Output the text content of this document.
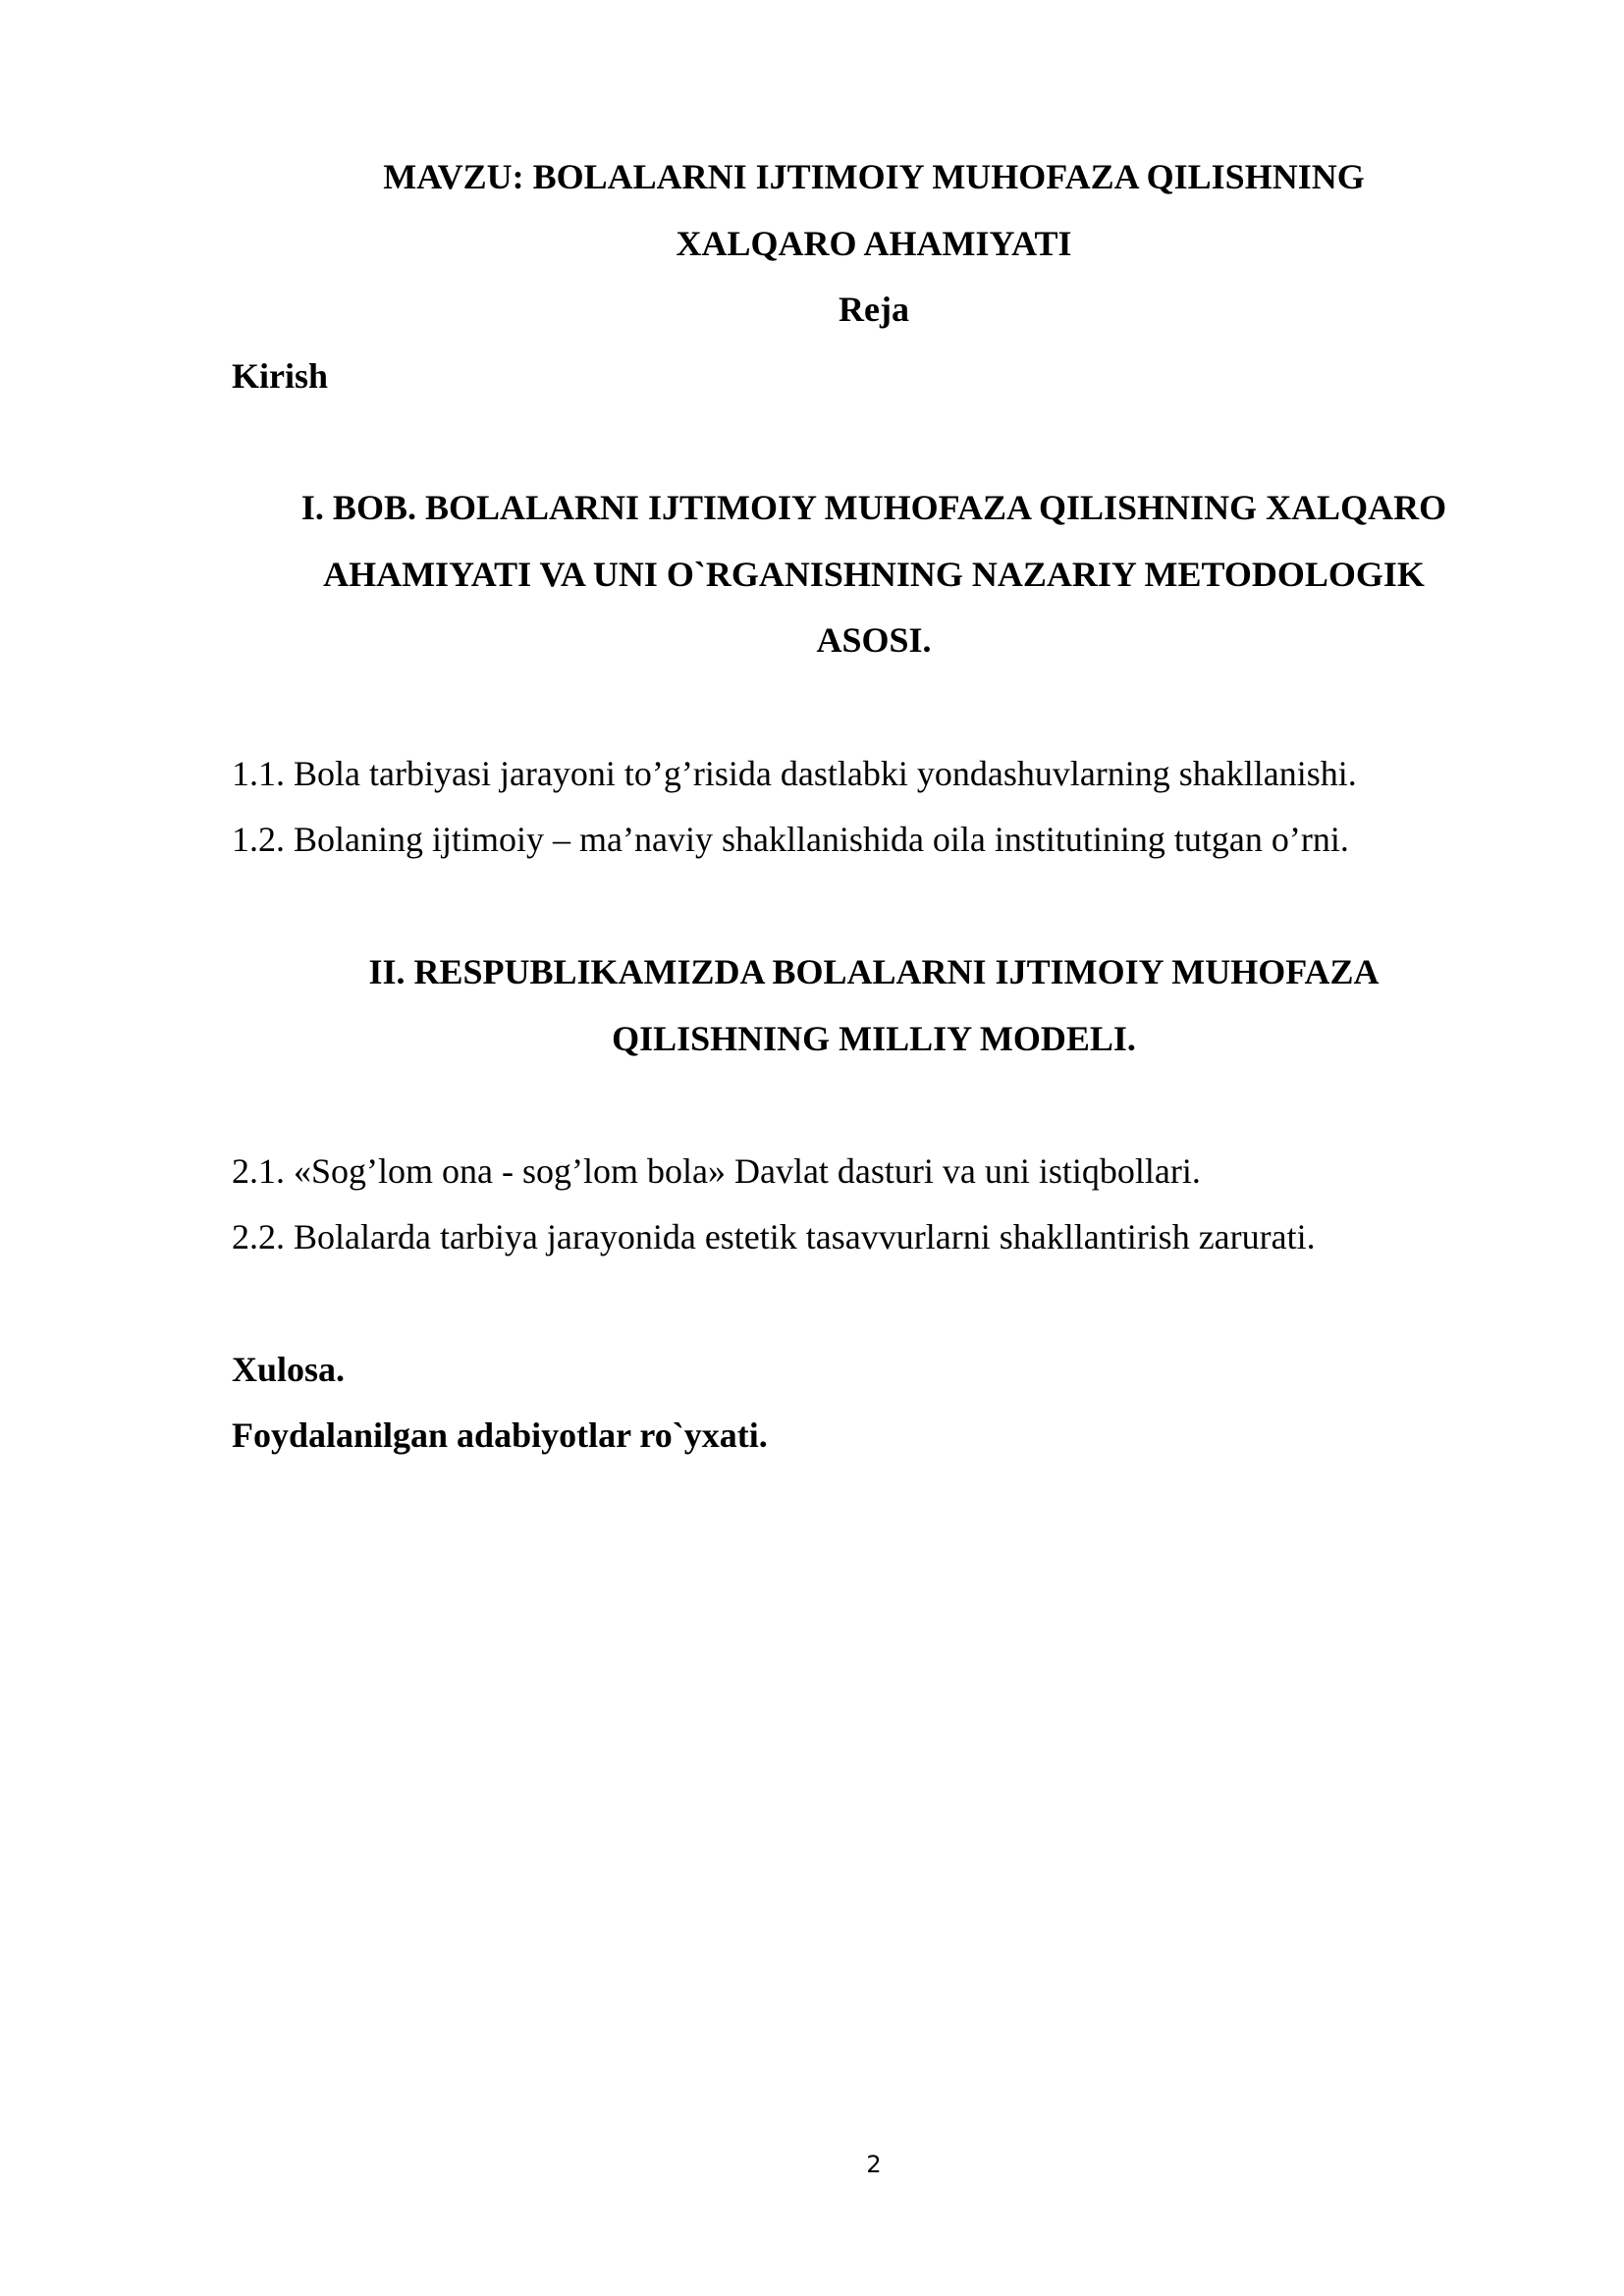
MAVZU: BOLALARNI IJTIMOIY MUHOFAZA QILISHNING
XALQARO AHAMIYATI
Reja
Kirish
I. BOB. BOLALARNI IJTIMOIY MUHOFAZA QILISHNING XALQARO
AHAMIYATI VA UNI O`RGANISHNING NAZARIY METODOLOGIK
ASOSI.
1.1. Bola tarbiyasi jarayoni to’g’risida dastlabki yondashuvlarning shakllanishi.
1.2. Bolaning ijtimoiy – ma’naviy shakllanishida oila institutining tutgan o’rni.
II. RESPUBLIKAMIZDA BOLALARNI IJTIMOIY MUHOFAZA
QILISHNING MILLIY MODELI.
2.1. «Sog’lom ona - sog’lom bola» Davlat dasturi va uni istiqbollari.
2.2. Bolalarda tarbiya jarayonida estetik tasavvurlarni shakllantirish zarurati.
Xulosa.
Foydalanilgan adabiyotlar ro`yxati.
2
